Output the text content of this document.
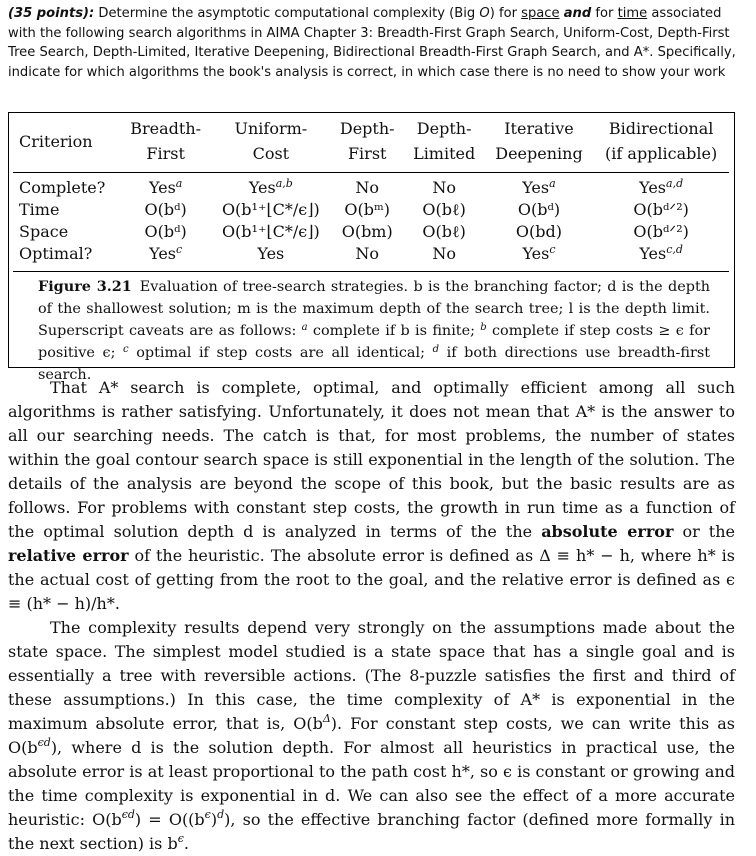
(35 points): Determine the asymptotic computational complexity (Big O) for space and for time associated with the following search algorithms in AIMA Chapter 3: Breadth-First Graph Search, Uniform-Cost, Depth-First Tree Search, Depth-Limited, Iterative Deepening, Bidirectional Breadth-First Graph Search, and A*. Specifically, indicate for which algorithms the book's analysis is correct, in which case there is no need to show your work
Criterion	Breadth-	Uniform-	Depth-	Depth-	Iterative	Bidirectional
	First	Cost	First	Limited	Deepening	(if applicable)
Complete?	Yes$^a$	Yes$^{a,b}$	No	No	Yes$^a$	Yes$^{a,d}$
Time	O(bᵈ)	O(b¹⁺⌊C*/ϵ⌋)	O(bᵐ)	O(bℓ)	O(bᵈ)	O(bᵈᐟ²)
Space	O(bᵈ)	O(b¹⁺⌊C*/ϵ⌋)	O(bm)	O(bℓ)	O(bd)	O(bᵈᐟ²)
Optimal?	Yes$^c$	Yes	No	No	Yes$^c$	Yes$^{c,d}$
Figure 3.21 Evaluation of tree-search strategies. b is the branching factor; d is the depth of the shallowest solution; m is the maximum depth of the search tree; l is the depth limit. Superscript caveats are as follows: $^a$ complete if b is finite; $^b$ complete if step costs ≥ ϵ for positive ϵ; $^c$ optimal if step costs are all identical; $^d$ if both directions use breadth-first search.

That A* search is complete, optimal, and optimally efficient among all such algorithms is rather satisfying. Unfortunately, it does not mean that A* is the answer to all our searching needs. The catch is that, for most problems, the number of states within the goal contour search space is still exponential in the length of the solution. The details of the analysis are beyond the scope of this book, but the basic results are as follows. For problems with constant step costs, the growth in run time as a function of the optimal solution depth d is analyzed in terms of the the absolute error or the relative error of the heuristic. The absolute error is defined as Δ ≡ h* − h, where h* is the actual cost of getting from the root to the goal, and the relative error is defined as ϵ ≡ (h* − h)/h*.

The complexity results depend very strongly on the assumptions made about the state space. The simplest model studied is a state space that has a single goal and is essentially a tree with reversible actions. (The 8-puzzle satisfies the first and third of these assumptions.) In this case, the time complexity of A* is exponential in the maximum absolute error, that is, $O(b^\Delta)$. For constant step costs, we can write this as $O(b^{\epsilon d})$, where d is the solution depth. For almost all heuristics in practical use, the absolute error is at least proportional to the path cost h*, so ϵ is constant or growing and the time complexity is exponential in d. We can also see the effect of a more accurate heuristic: $O(b^{\epsilon d}) = O((b^\epsilon)^d)$, so the effective branching factor (defined more formally in the next section) is $b^\epsilon$.
